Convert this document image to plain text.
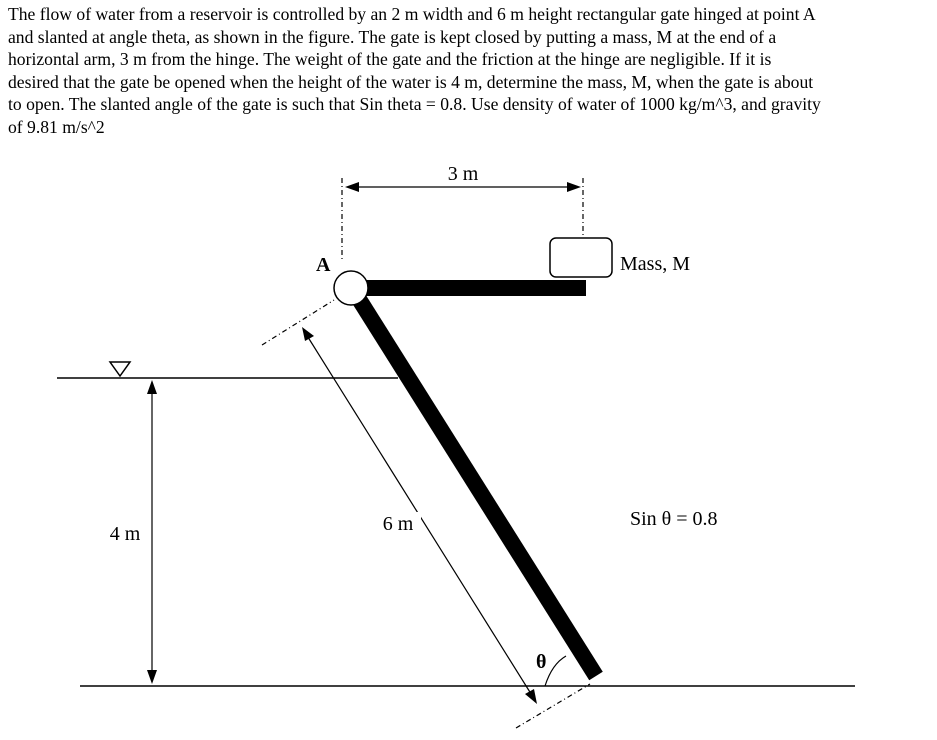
The flow of water from a reservoir is controlled by an 2 m width and 6 m height rectangular gate hinged at point A
and slanted at angle theta, as shown in the figure. The gate is kept closed by putting a mass, M at the end of a
horizontal arm, 3 m from the hinge. The weight of the gate and the friction at the hinge are negligible. If it is
desired that the gate be opened when the height of the water is 4 m, determine the mass, M, when the gate is about
to open. The slanted angle of the gate is such that Sin theta = 0.8. Use density of water of 1000 kg/m^3, and gravity
of 9.81 m/s^2
3 m
A	Mass, M
6 m
4 m
θ
Sin θ = 0.8
